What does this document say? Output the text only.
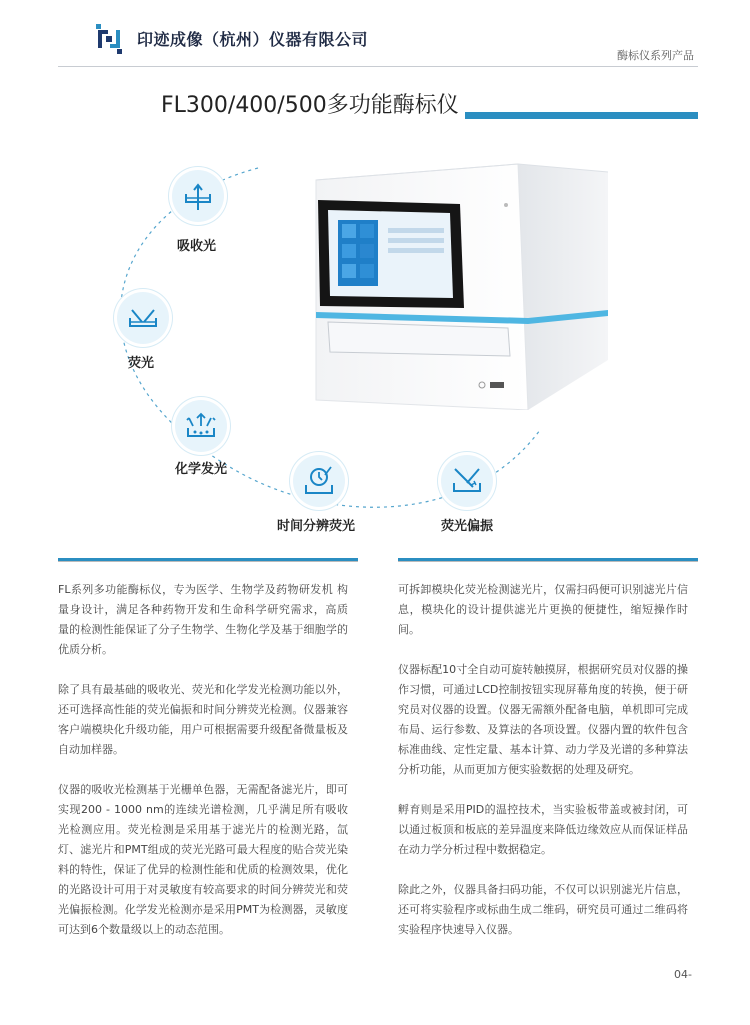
印迹成像（杭州）仪器有限公司
酶标仪系列产品
FL300/400/500多功能酶标仪
吸收光
荧光
化学发光
时间分辨荧光	荧光偏振

FL系列多功能酶标仪，专为医学、生物学及药物研发机 构量身设计，满足各种药物开发和生命科学研究需求，高质　量的检测性能保证了分子生物学、生物化学及基于细胞学的优质分析。

除了具有最基础的吸收光、荧光和化学发光检测功能以外，还可选择高性能的荧光偏振和时间分辨荧光检测。仪器兼容客户端模块化升级功能，用户可根据需要升级配备微量板及自动加样器。

仪器的吸收光检测基于光栅单色器，无需配备滤光片，即可实现200 - 1000 nm的连续光谱检测，几乎满足所有吸收光检测应用。荧光检测是采用基于滤光片的检测光路，氙灯、滤光片和PMT组成的荧光光路可最大程度的贴合荧光染料的特性，保证了优异的检测性能和优质的检测效果，优化的光路设计可用于对灵敏度有较高要求的时间分辨荧光和荧光偏振检测。化学发光检测亦是采用PMT为检测器，灵敏度可达到6个数量级以上的动态范围。

可拆卸模块化荧光检测滤光片，仅需扫码便可识别滤光片信息，模块化的设计提供滤光片更换的便捷性，缩短操作时间。

仪器标配10寸全自动可旋转触摸屏，根据研究员对仪器的操作习惯，可通过LCD控制按钮实现屏幕角度的转换，便于研究员对仪器的设置。仪器无需额外配备电脑，单机即可完成布局、运行参数、及算法的各项设置。仪器内置的软件包含标准曲线、定性定量、基本计算、动力学及光谱的多种算法分析功能，从而更加方便实验数据的处理及研究。

孵育则是采用PID的温控技术，当实验板带盖或被封闭，可以通过板顶和板底的差异温度来降低边缘效应从而保证样品在动力学分析过程中数据稳定。

除此之外，仪器具备扫码功能，不仅可以识别滤光片信息，还可将实验程序或标曲生成二维码，研究员可通过二维码将实验程序快速导入仪器。

04-
